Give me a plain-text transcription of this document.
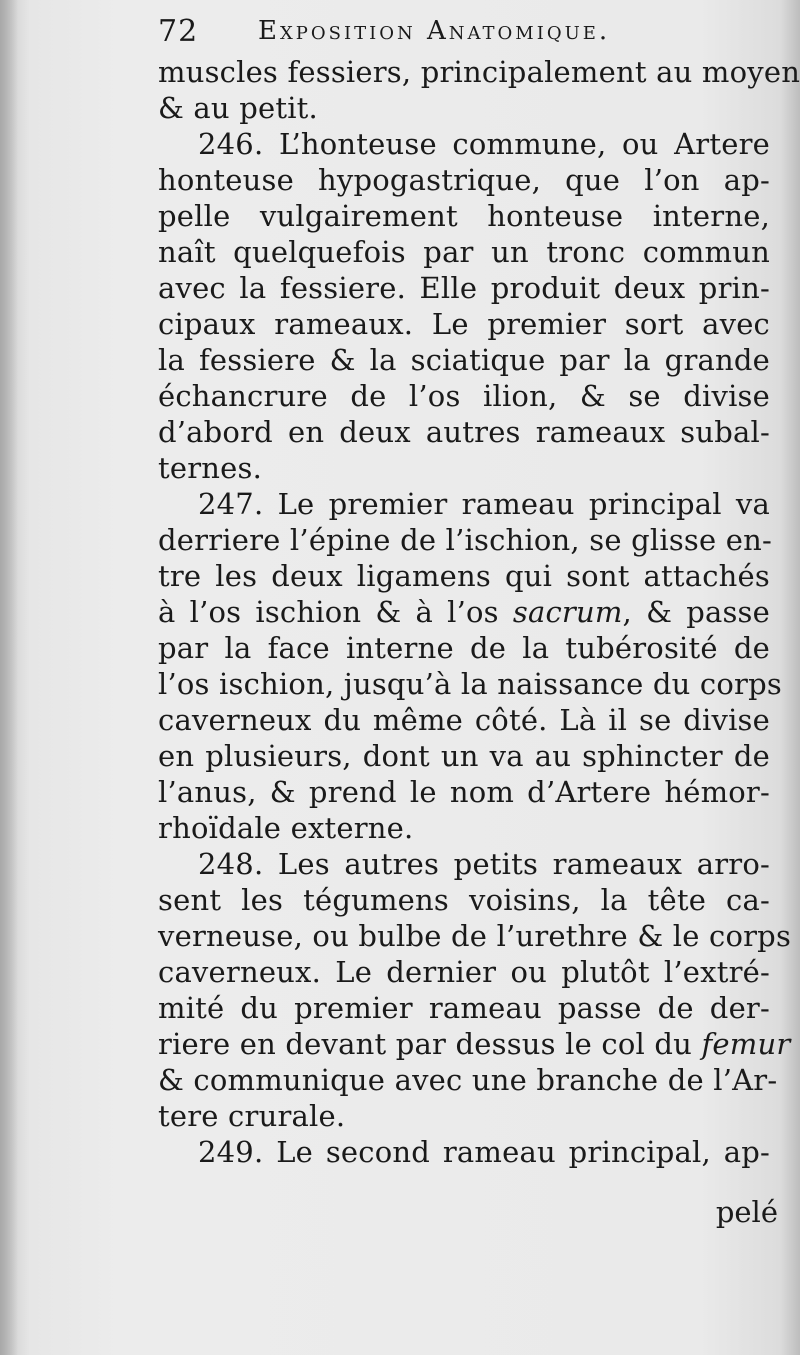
72 Exposition Anatomique.
muscles fessiers, principalement au moyen
& au petit.
246. L’honteuse commune, ou Artere
honteuse hypogastrique, que l’on ap-
pelle vulgairement honteuse interne,
naît quelquefois par un tronc commun
avec la fessiere. Elle produit deux prin-
cipaux rameaux. Le premier sort avec
la fessiere & la sciatique par la grande
échancrure de l’os ilion, & se divise
d’abord en deux autres rameaux subal-
ternes.
247. Le premier rameau principal va
derriere l’épine de l’ischion, se glisse en-
tre les deux ligamens qui sont attachés
à l’os ischion & à l’os sacrum, & passe
par la face interne de la tubérosité de
l’os ischion, jusqu’à la naissance du corps
caverneux du même côté. Là il se divise
en plusieurs, dont un va au sphincter de
l’anus, & prend le nom d’Artere hémor-
rhoïdale externe.
248. Les autres petits rameaux arro-
sent les tégumens voisins, la tête ca-
verneuse, ou bulbe de l’urethre & le corps
caverneux. Le dernier ou plutôt l’extré-
mité du premier rameau passe de der-
riere en devant par dessus le col du femur
& communique avec une branche de l’Ar-
tere crurale.
249. Le second rameau principal, ap-
pelé
